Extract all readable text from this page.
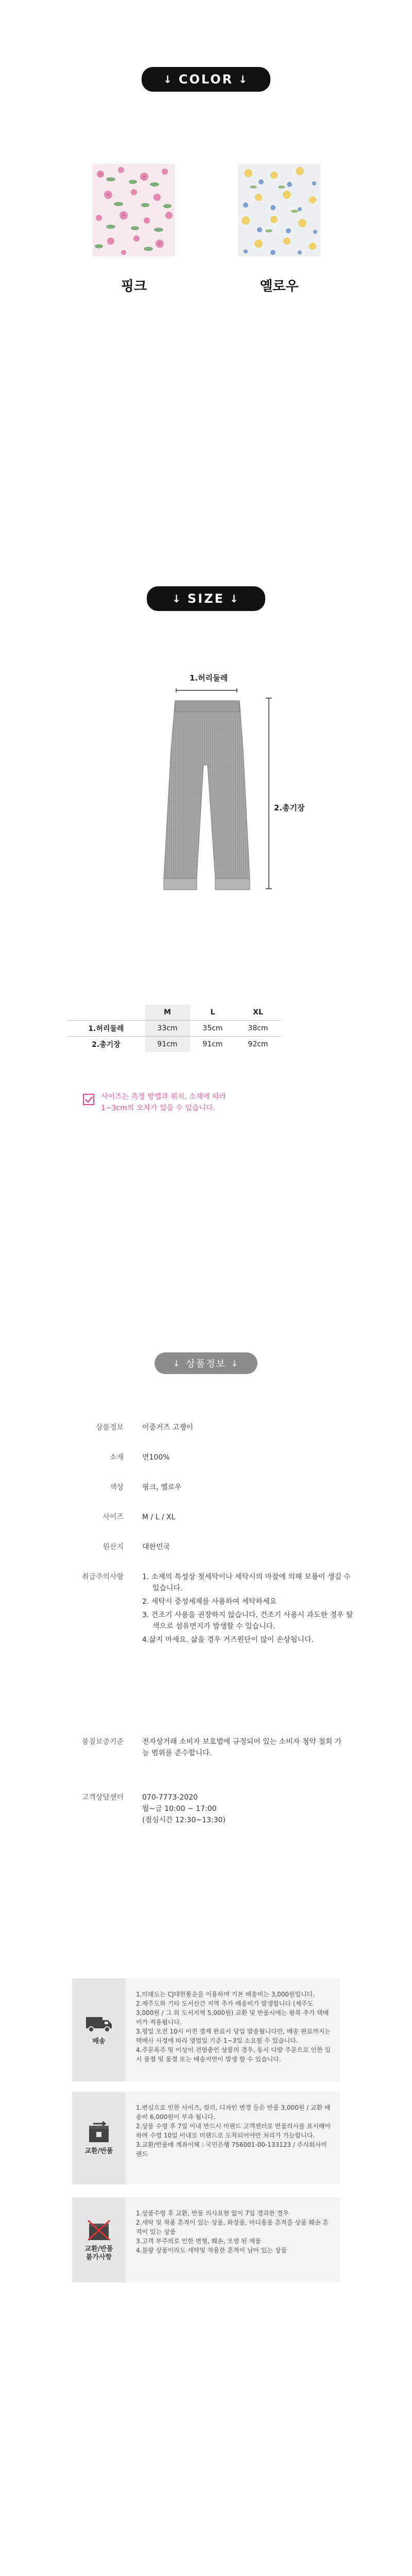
↓ COLOR ↓
핑크	옐로우
↓ SIZE ↓
1.허리둘레
2.총기장
	M	L	XL
1.허리둘레	33cm	35cm	38cm
2.총기장	91cm	91cm	92cm
사이즈는 측정 방법과 위치, 소재에 따라
1~3cm의 오차가 있을 수 있습니다.
↓ 상품정보 ↓
상품정보	이중거즈 고쟁이
소재	면100%
색상	핑크, 옐로우
사이즈	M / L / XL
원산지	대한민국
취급주의사항	1. 소재의 특성상 첫세탁이나 세탁시의 마찰에 의해 보풀이 생길 수 있습니다.
2. 세탁시 중성세제를 사용하여 세탁하세요
3. 건조기 사용을 권장하지 않습니다. 건조기 사용시 과도한 경우 탈색으로 섬유면지가 발생할 수 있습니다.
4.삶지 마세요. 삶을 경우 거즈원단이 많이 손상됩니다.
품질보증기준	전자상거래 소비자 보호법에 규정되어 있는 소비자 청약 철회 가능 범위를 준수합니다.
고객상담센터	070-7773-2020
월~금 10:00 ~ 17:00
(점심시간 12:30~13:30)
배송

1.미래도는 CJ대한통운을 이용하며 기본 배송비는 3,000원입니다.

2.제주도와 기타 도서산간 지역 추가 배송비가 발생합니다 (제주도 3,000원 / 그 외 도서지역 5,000원) 교환 및 반품시에는 왕복 추가 택배비가 적용됩니다.

3.평일 오전 10시 이전 결제 완료시 당일 발송됩니다만, 배송 완료까지는 택배사 사정에 따라 영업일 기준 1~3일 소요될 수 있습니다.

4.주문폭주 및 이상이 전염충인 상품의 경우, 동시 다발 주문으로 인한 일시 품절 및 품절 또는 배송지연이 발생 할 수 있습니다.

교환/반품

1.변심으로 인한 사이즈, 컬러, 디자인 변경 등은 반품 3,000원 / 교환 배송비 6,000원이 부과 됩니다.

2.상품 수령 후 7일 이내 반드시 미랜드 고객센터로 반품의사를 표시해야 하며 수령 10일 이내로 미랜드로 도착되어야만 처리가 가능합니다.

3.교환/반품배 계좌이체 : 국민은행 756001-00-133123 / 주식회사미랜드

교환/반품
불가사항

1.상품수령 후 교환, 반품 의사표현 없이 7일 경과한 경우

2.세탁 및 착용 흔적이 있는 상품, 화장품, 바디용품 흔적을 상품 훼손 흔적이 있는 상품

3.고객 부주의로 인한 변형, 훼손, 오염 된 제품

4.불량 상품이라도 세탁및 착용한 흔적이 남아 있는 상품
